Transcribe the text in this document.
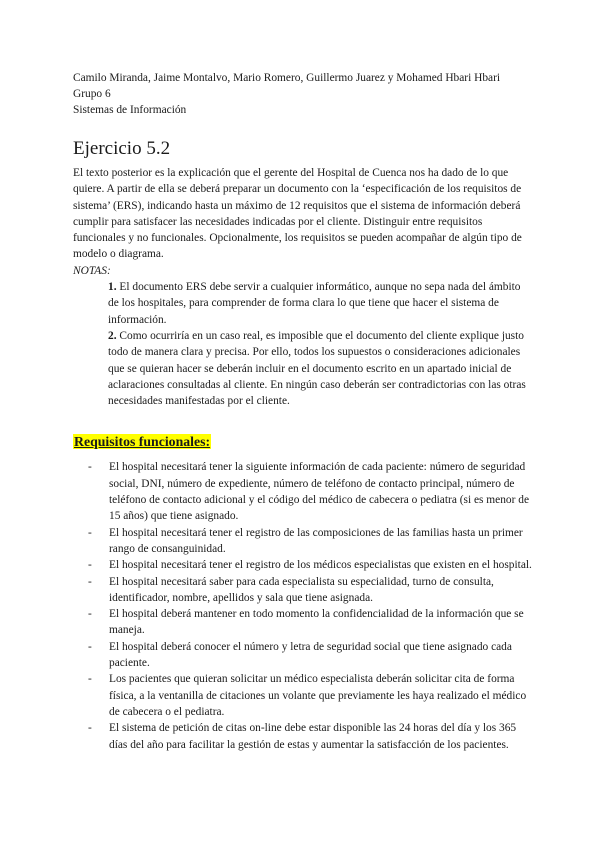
Camilo Miranda, Jaime Montalvo, Mario Romero, Guillermo Juarez y Mohamed Hbari Hbari
Grupo 6
Sistemas de Información
Ejercicio 5.2
El texto posterior es la explicación que el gerente del Hospital de Cuenca nos ha dado de lo que quiere. A partir de ella se deberá preparar un documento con la ‘especificación de los requisitos de sistema’ (ERS), indicando hasta un máximo de 12 requisitos que el sistema de información deberá cumplir para satisfacer las necesidades indicadas por el cliente. Distinguir entre requisitos funcionales y no funcionales. Opcionalmente, los requisitos se pueden acompañar de algún tipo de modelo o diagrama.
NOTAS:
1. El documento ERS debe servir a cualquier informático, aunque no sepa nada del ámbito de los hospitales, para comprender de forma clara lo que tiene que hacer el sistema de información.
2. Como ocurriría en un caso real, es imposible que el documento del cliente explique justo todo de manera clara y precisa. Por ello, todos los supuestos o consideraciones adicionales que se quieran hacer se deberán incluir en el documento escrito en un apartado inicial de aclaraciones consultadas al cliente. En ningún caso deberán ser contradictorias con las otras necesidades manifestadas por el cliente.
Requisitos funcionales:
- El hospital necesitará tener la siguiente información de cada paciente: número de seguridad social, DNI, número de expediente, número de teléfono de contacto principal, número de teléfono de contacto adicional y el código del médico de cabecera o pediatra (si es menor de 15 años) que tiene asignado.
- El hospital necesitará tener el registro de las composiciones de las familias hasta un primer rango de consanguinidad.
- El hospital necesitará tener el registro de los médicos especialistas que existen en el hospital.
- El hospital necesitará saber para cada especialista su especialidad, turno de consulta, identificador, nombre, apellidos y sala que tiene asignada.
- El hospital deberá mantener en todo momento la confidencialidad de la información que se maneja.
- El hospital deberá conocer el número y letra de seguridad social que tiene asignado cada paciente.
- Los pacientes que quieran solicitar un médico especialista deberán solicitar cita de forma física, a la ventanilla de citaciones un volante que previamente les haya realizado el médico de cabecera o el pediatra.
- El sistema de petición de citas on-line debe estar disponible las 24 horas del día y los 365 días del año para facilitar la gestión de estas y aumentar la satisfacción de los pacientes.
